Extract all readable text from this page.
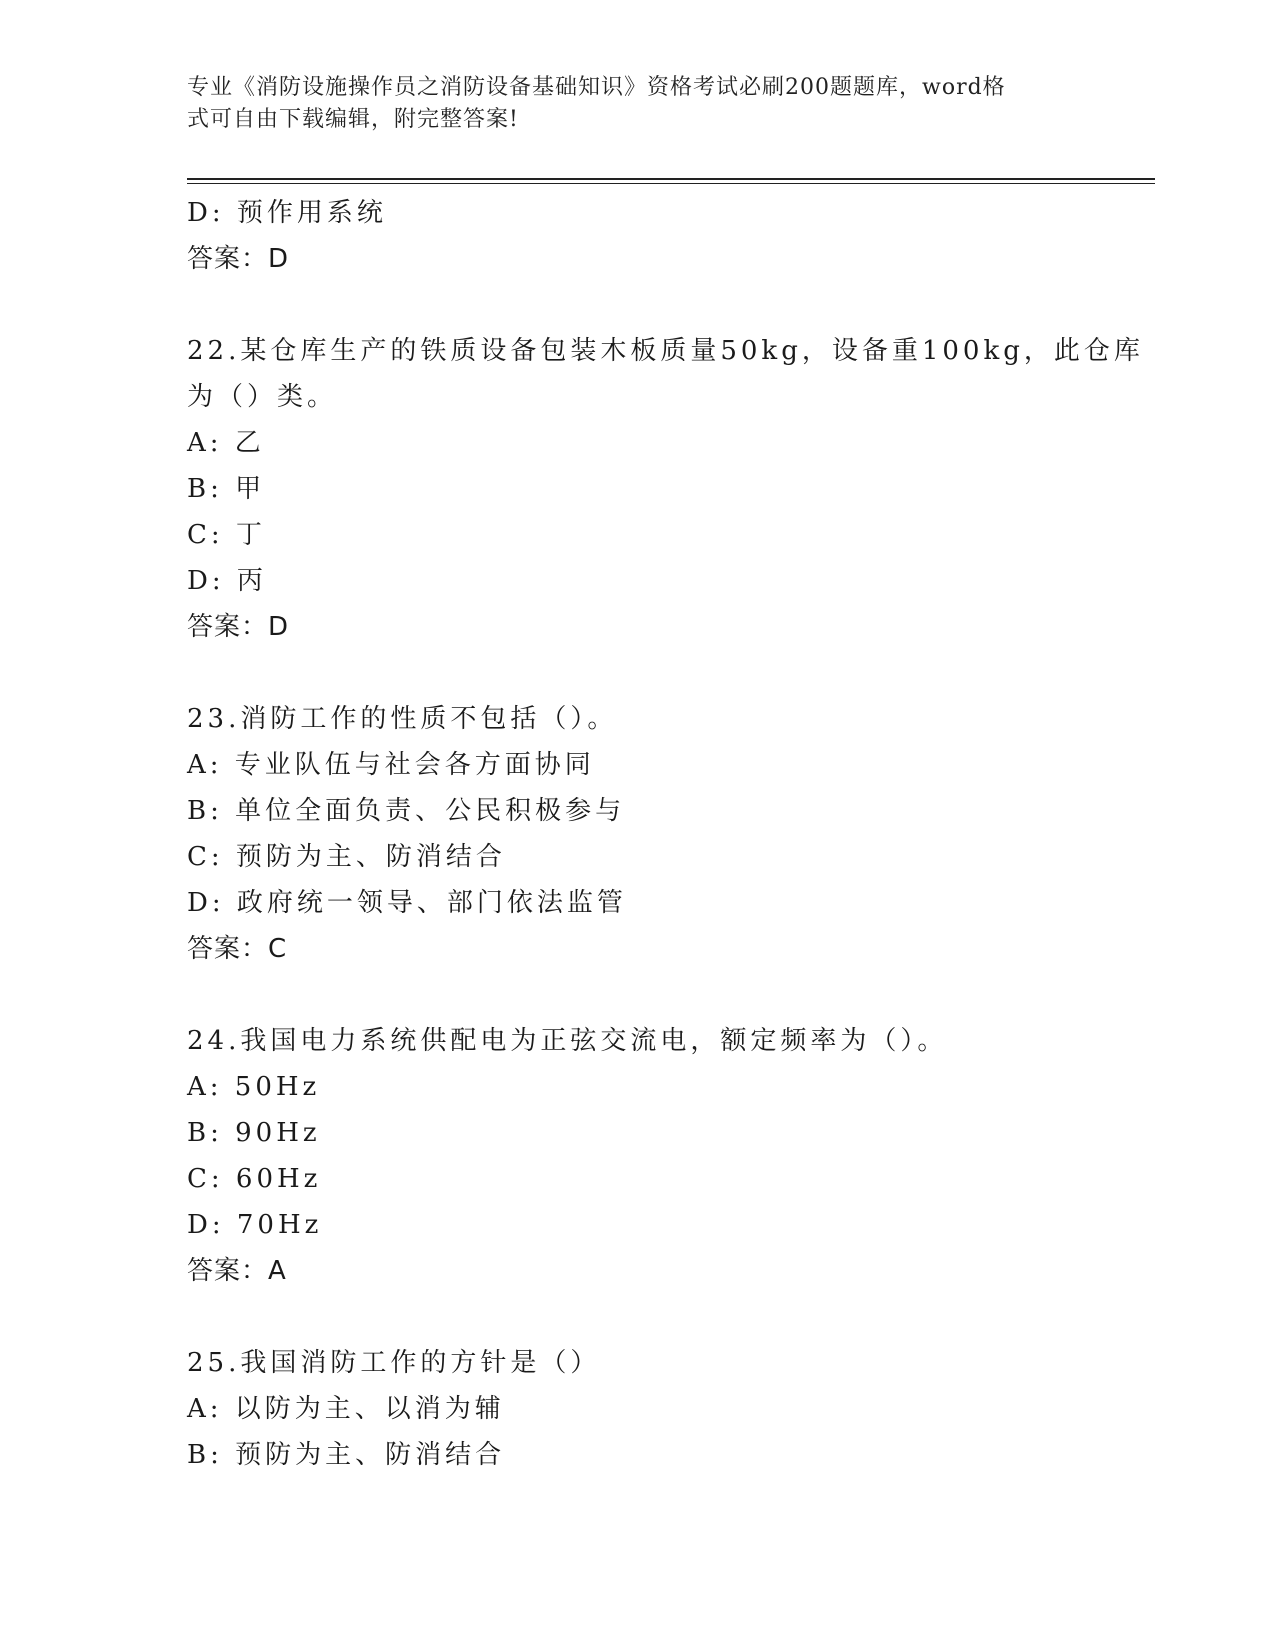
专业《消防设施操作员之消防设备基础知识》资格考试必刷200题题库，word格
式可自由下载编辑，附完整答案!
D: 预作用系统
答案：D
22.某仓库生产的铁质设备包装木板质量50kg，设备重100kg，此仓库
为（）类。
A: 乙
B: 甲
C: 丁
D: 丙
答案：D
23.消防工作的性质不包括（）。
A: 专业队伍与社会各方面协同
B: 单位全面负责、公民积极参与
C: 预防为主、防消结合
D: 政府统一领导、部门依法监管
答案：C
24.我国电力系统供配电为正弦交流电，额定频率为（）。
A: 50Hz
B: 90Hz
C: 60Hz
D: 70Hz
答案：A
25.我国消防工作的方针是（）
A: 以防为主、以消为辅
B: 预防为主、防消结合
